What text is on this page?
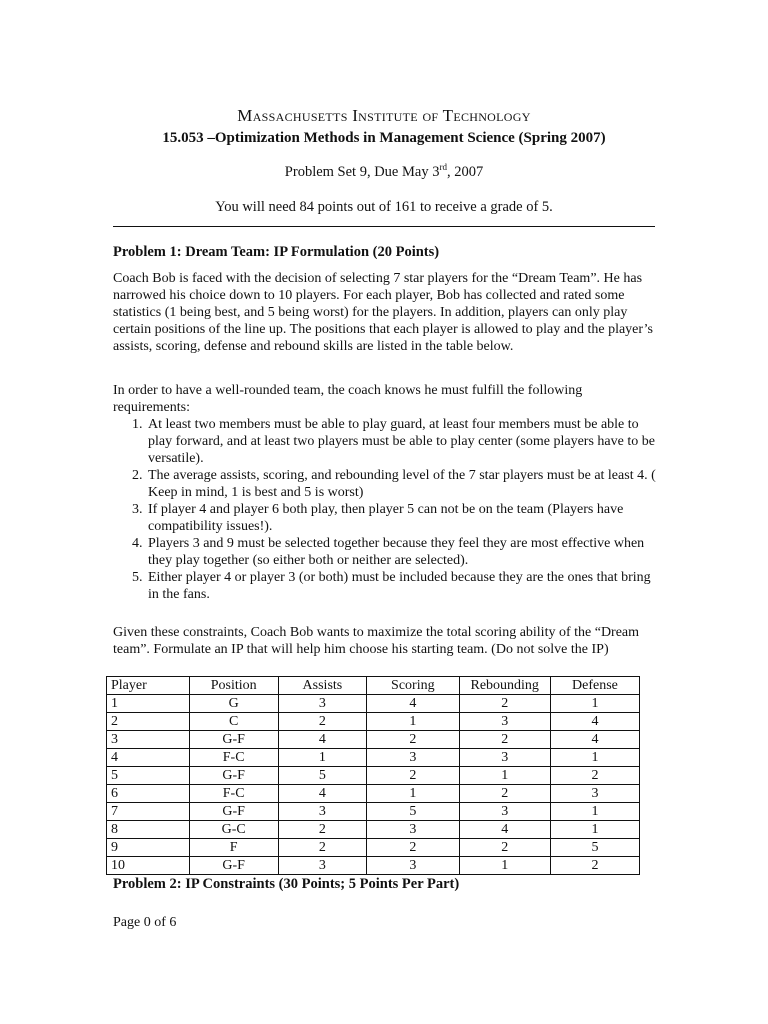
Massachusetts Institute of Technology
15.053 –Optimization Methods in Management Science (Spring 2007)
Problem Set 9, Due May 3rd, 2007
You will need 84 points out of 161 to receive a grade of 5.
Problem 1: Dream Team: IP Formulation (20 Points)
Coach Bob is faced with the decision of selecting 7 star players for the “Dream Team”. He has narrowed his choice down to 10 players. For each player, Bob has collected and rated some statistics (1 being best, and 5 being worst) for the players. In addition, players can only play certain positions of the line up. The positions that each player is allowed to play and the player’s assists, scoring, defense and rebound skills are listed in the table below.
In order to have a well-rounded team, the coach knows he must fulfill the following requirements:
1. At least two members must be able to play guard, at least four members must be able to play forward, and at least two players must be able to play center (some players have to be versatile).
2. The average assists, scoring, and rebounding level of the 7 star players must be at least 4. ( Keep in mind, 1 is best and 5 is worst)
3. If player 4 and player 6 both play, then player 5 can not be on the team (Players have compatibility issues!).
4. Players 3 and 9 must be selected together because they feel they are most effective when they play together (so either both or neither are selected).
5. Either player 4 or player 3 (or both) must be included because they are the ones that bring in the fans.
Given these constraints, Coach Bob wants to maximize the total scoring ability of the “Dream team”. Formulate an IP that will help him choose his starting team. (Do not solve the IP)
Player	Position	Assists	Scoring	Rebounding	Defense
1	G	3	4	2	1
2	C	2	1	3	4
3	G-F	4	2	2	4
4	F-C	1	3	3	1
5	G-F	5	2	1	2
6	F-C	4	1	2	3
7	G-F	3	5	3	1
8	G-C	2	3	4	1
9	F	2	2	2	5
10	G-F	3	3	1	2
Problem 2: IP Constraints (30 Points; 5 Points Per Part)
Page 0 of 6
